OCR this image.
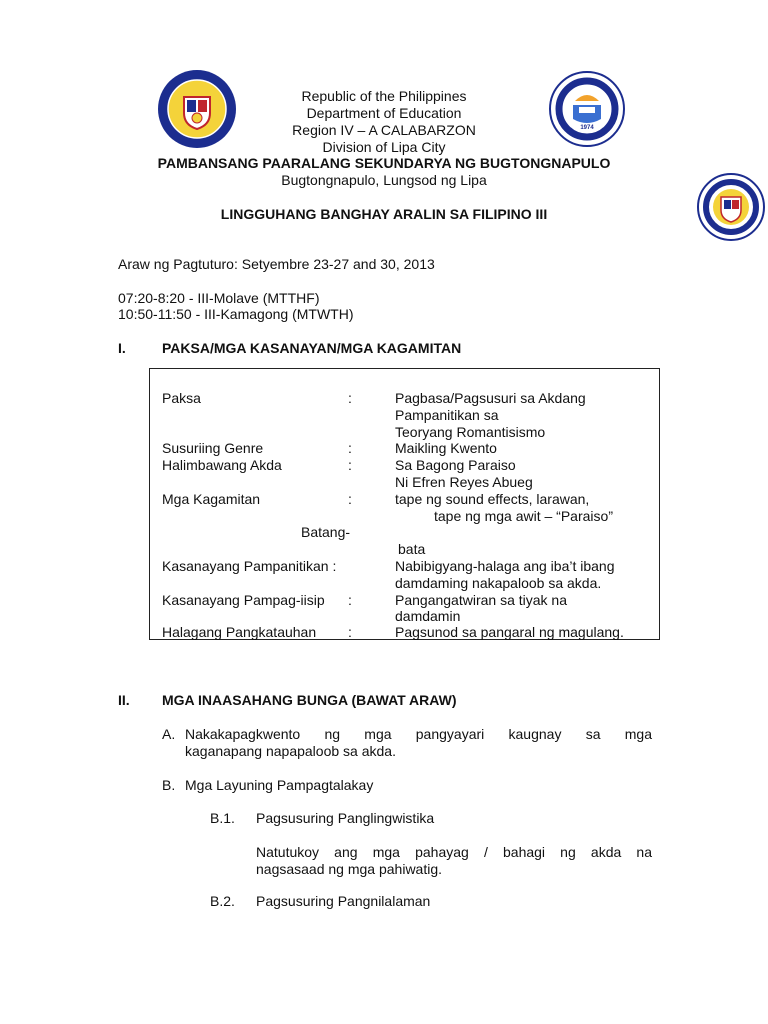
1974
Republic of the Philippines
Department of Education
Region IV – A CALABARZON
Division of Lipa City
PAMBANSANG PAARALANG SEKUNDARYA NG BUGTONGNAPULO
Bugtongnapulo, Lungsod ng Lipa
LINGGUHANG BANGHAY ARALIN SA FILIPINO III
Araw ng Pagtuturo: Setyembre 23-27 and 30, 2013
07:20-8:20 - III-Molave (MTTHF)
10:50-11:50 - III-Kamagong (MTWTH)
I.	PAKSA/MGA KASANAYAN/MGA KAGAMITAN
Paksa	:	Pagbasa/Pagsusuri sa Akdang
Pampanitikan sa
Teoryang Romantisismo
Susuriing Genre	:	Maikling Kwento
Halimbawang Akda	:	Sa Bagong Paraiso
Ni Efren Reyes Abueg
Mga Kagamitan	:	tape ng sound effects, larawan,
tape ng mga awit – “Paraiso”
Batang-
bata
Kasanayang Pampanitikan :	Nabibigyang-halaga ang iba’t ibang
damdaming nakapaloob sa akda.
Kasanayang Pampag-iisip :	Pangangatwiran sa tiyak na
damdamin
Halagang Pangkatauhan :	Pagsunod sa pangaral ng magulang.
II. MGA INAASAHANG BUNGA (BAWAT ARAW)
A. Nakakapagkwento ng mga pangyayari kaugnay sa mga
kaganapang napapaloob sa akda.
B. Mga Layuning Pampagtalakay
B.1. Pagsusuring Panglingwistika
Natutukoy ang mga pahayag / bahagi ng akda na
nagsasaad ng mga pahiwatig.
B.2. Pagsusuring Pangnilalaman
